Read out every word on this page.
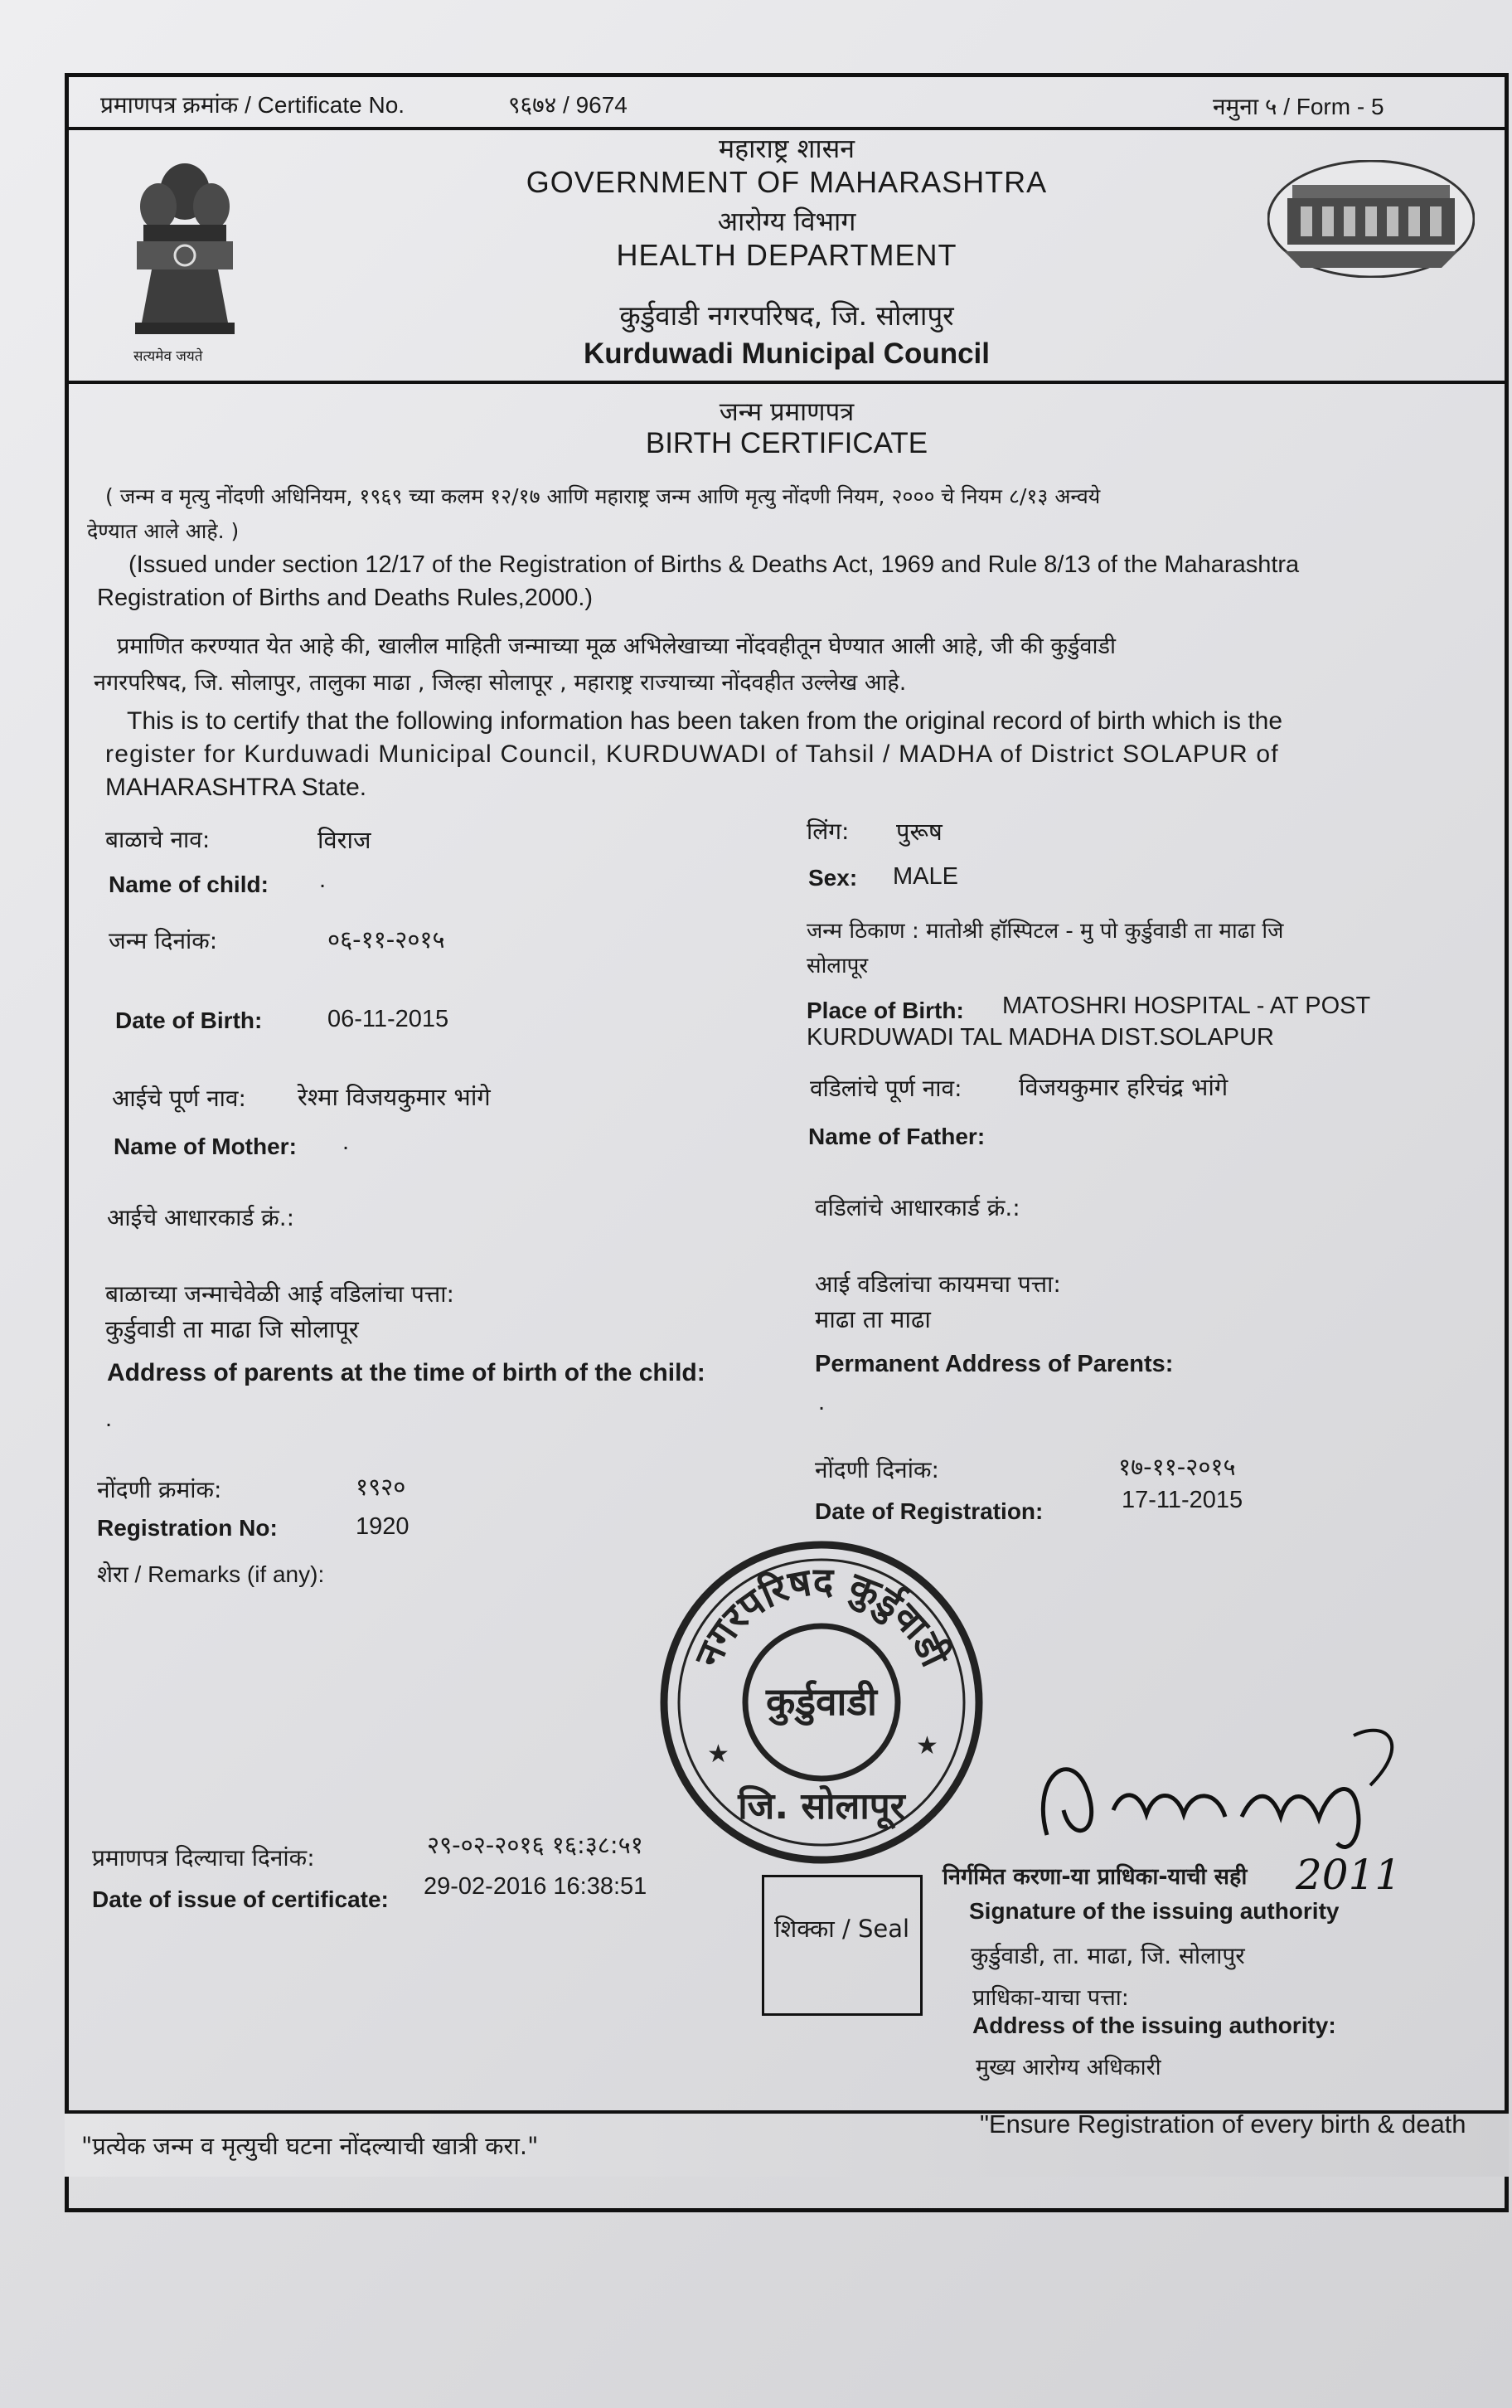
प्रमाणपत्र क्रमांक / Certificate No.	९६७४ / 9674	नमुना ५ / Form - 5
सत्यमेव जयते
महाराष्ट्र शासन
GOVERNMENT OF MAHARASHTRA
आरोग्य विभाग
HEALTH DEPARTMENT
कुर्डुवाडी नगरपरिषद, जि. सोलापुर
Kurduwadi Municipal Council
जन्म प्रमाणपत्र
BIRTH CERTIFICATE
( जन्म व मृत्यु नोंदणी अधिनियम, १९६९ च्या कलम १२/१७ आणि महाराष्ट्र जन्म आणि मृत्यु नोंदणी नियम, २००० चे नियम ८/१३ अन्वये
देण्यात आले आहे. )
(Issued under section 12/17 of the Registration of Births & Deaths Act, 1969 and Rule 8/13 of the Maharashtra
Registration of Births and Deaths Rules,2000.)
प्रमाणित करण्यात येत आहे की, खालील माहिती जन्माच्या मूळ अभिलेखाच्या नोंदवहीतून घेण्यात आली आहे, जी की कुर्डुवाडी
नगरपरिषद, जि. सोलापुर, तालुका माढा , जिल्हा सोलापूर , महाराष्ट्र राज्याच्या नोंदवहीत उल्लेख आहे.
This is to certify that the following information has been taken from the original record of birth which is the
register for Kurduwadi Municipal Council, KURDUWADI of Tahsil / MADHA of District SOLAPUR of
MAHARASHTRA State.
बाळाचे नाव:	विराज
Name of child: .
लिंग: पुरूष
Sex: MALE
जन्म दिनांक:	०६-११-२०१५
Date of Birth:	06-11-2015
जन्म ठिकाण : मातोश्री हॉस्पिटल - मु पो कुर्डुवाडी ता माढा जि
सोलापूर
Place of Birth: MATOSHRI HOSPITAL - AT POST
KURDUWADI TAL MADHA DIST.SOLAPUR
आईचे पूर्ण नाव: रेश्मा विजयकुमार भांगे
Name of Mother: .
वडिलांचे पूर्ण नाव: विजयकुमार हरिचंद्र भांगे
Name of Father:
आईचे आधारकार्ड क्रं.:	वडिलांचे आधारकार्ड क्रं.:
बाळाच्या जन्माचेवेळी आई वडिलांचा पत्ता:
कुर्डुवाडी ता माढा जि सोलापूर
Address of parents at the time of birth of the child:
.
आई वडिलांचा कायमचा पत्ता:
माढा ता माढा
Permanent Address of Parents:
.
नोंदणी क्रमांक:	१९२०
Registration No:	1920
नोंदणी दिनांक:	१७-११-२०१५
Date of Registration:	17-11-2015
शेरा / Remarks (if any):
नगरपरिषद कुर्डुवाडी
कुर्डुवाडी
जि. सोलापूर
★	★
2011
प्रमाणपत्र दिल्याचा दिनांक:	२९-०२-२०१६ १६:३८:५१
Date of issue of certificate: 29-02-2016 16:38:51
शिक्का / Seal
निर्गमित करणा-या प्राधिका-याची सही
Signature of the issuing authority
कुर्डुवाडी, ता. माढा, जि. सोलापुर
प्राधिका-याचा पत्ता:
Address of the issuing authority:
मुख्य आरोग्य अधिकारी
"प्रत्येक जन्म व मृत्युची घटना नोंदल्याची खात्री करा."
"Ensure Registration of every birth & death
